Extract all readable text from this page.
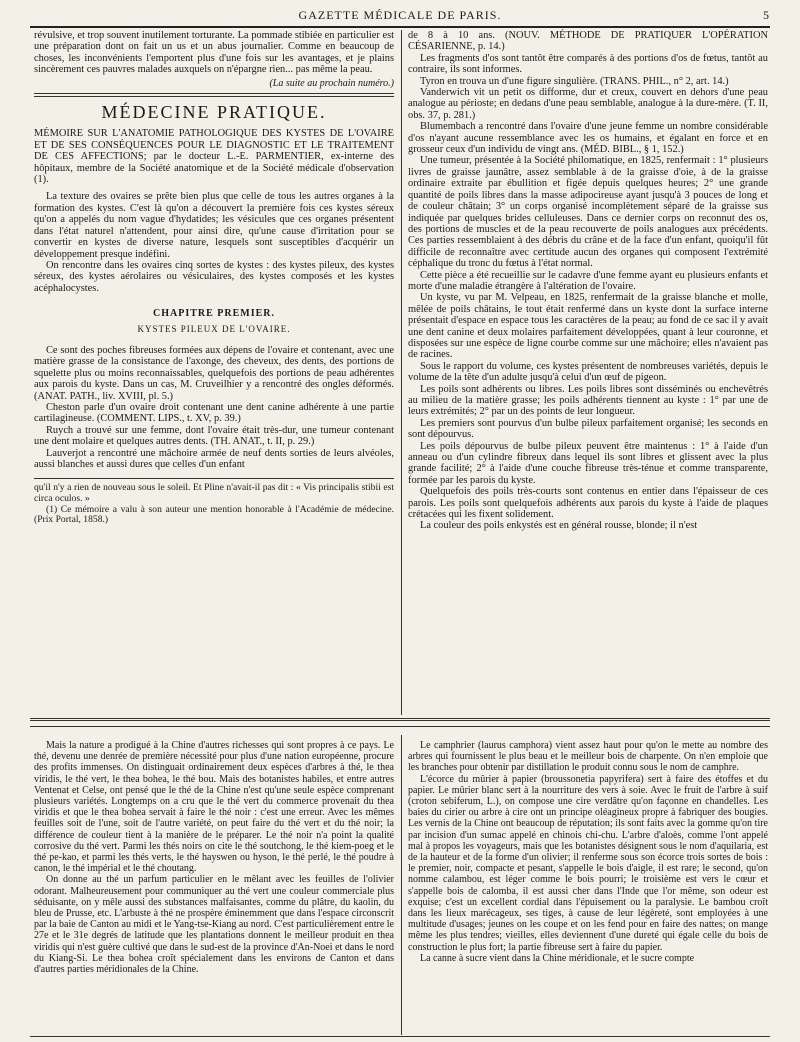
GAZETTE MÉDICALE DE PARIS.	5

révulsive, et trop souvent inutilement torturante. La pommade stibiée en particulier est une préparation dont on fait un us et un abus journalier. Comme en beaucoup de choses, les inconvénients l'emportent plus d'une fois sur les avantages, et je plains sincèrement ces pauvres malades auxquels on n'épargne rien... pas même la peau.

(La suite au prochain numéro.)

MÉDECINE PRATIQUE.

MÉMOIRE SUR L'ANATOMIE PATHOLOGIQUE DES KYSTES DE L'OVAIRE ET DE SES CONSÉQUENCES POUR LE DIAGNOSTIC ET LE TRAITEMENT DE CES AFFECTIONS; par le docteur L.-E. PARMENTIER, ex-interne des hôpitaux, membre de la Société anatomique et de la Société médicale d'observation (1).

La texture des ovaires se prête bien plus que celle de tous les autres organes à la formation des kystes. C'est là qu'on a découvert la première fois ces kystes séreux qu'on a appelés du nom vague d'hydatides; les vésicules que ces organes présentent dans l'état naturel n'attendent, pour ainsi dire, qu'une cause d'irritation pour se convertir en kystes de diverse nature, lesquels sont susceptibles d'acquérir un développement presque indéfini.

On rencontre dans les ovaires cinq sortes de kystes : des kystes pileux, des kystes séreux, des kystes aérolaires ou vésiculaires, des kystes composés et les kystes acéphalocystes.

CHAPITRE PREMIER.
KYSTES PILEUX DE L'OVAIRE.

Ce sont des poches fibreuses formées aux dépens de l'ovaire et contenant, avec une matière grasse de la consistance de l'axonge, des cheveux, des dents, des portions de squelette plus ou moins reconnaissables, quelquefois des portions de peau adhérentes aux parois du kyste. Dans un cas, M. Cruveilhier y a rencontré des ongles déformés. (ANAT. PATH., liv. XVIII, pl. 5.)

Cheston parle d'un ovaire droit contenant une dent canine adhérente à une partie cartilagineuse. (COMMENT. LIPS., t. XV, p. 39.)

Ruych a trouvé sur une femme, dont l'ovaire était très-dur, une tumeur contenant une dent molaire et quelques autres dents. (TH. ANAT., t. II, p. 29.)

Lauverjot a rencontré une mâchoire armée de neuf dents sorties de leurs alvéoles, aussi blanches et aussi dures que celles d'un enfant

qu'il n'y a rien de nouveau sous le soleil. Et Pline n'avait-il pas dit : « Vis principalis stibii est circa oculos. »

(1) Ce mémoire a valu à son auteur une mention honorable à l'Académie de médecine. (Prix Portal, 1858.)

de 8 à 10 ans. (NOUV. MÉTHODE DE PRATIQUER L'OPÉRATION CÉSARIENNE, p. 14.)

Les fragments d'os sont tantôt être comparés à des portions d'os de fœtus, tantôt au contraire, ils sont informes.

Tyron en trouva un d'une figure singulière. (TRANS. PHIL., n° 2, art. 14.)

Vanderwich vit un petit os difforme, dur et creux, couvert en dehors d'une peau analogue au périoste; en dedans d'une peau semblable, analogue à la dure-mère. (T. II, obs. 37, p. 281.)

Blumembach a rencontré dans l'ovaire d'une jeune femme un nombre considérable d'os n'ayant aucune ressemblance avec les os humains, et égalant en force et en grosseur ceux d'un individu de vingt ans. (MÉD. BIBL., § 1, 152.)

Une tumeur, présentée à la Société philomatique, en 1825, renfermait : 1° plusieurs livres de graisse jaunâtre, assez semblable à de la graisse d'oie, à de la graisse ordinaire extraite par ébullition et figée depuis quelques heures; 2° une grande quantité de poils libres dans la masse adipocireuse ayant jusqu'à 3 pouces de long et de couleur châtain; 3° un corps organisé incomplètement séparé de la graisse sus indiquée par quelques brides celluleuses. Dans ce dernier corps on reconnut des os, des portions de muscles et de la peau recouverte de poils analogues aux précédents. Ces parties ressemblaient à des débris du crâne et de la face d'un enfant, quoiqu'il fût difficile de reconnaître avec certitude aucun des organes qui composent l'extrémité céphalique du tronc du fœtus à l'état normal.

Cette pièce a été recueillie sur le cadavre d'une femme ayant eu plusieurs enfants et morte d'une maladie étrangère à l'altération de l'ovaire.

Un kyste, vu par M. Velpeau, en 1825, renfermait de la graisse blanche et molle, mêlée de poils châtains, le tout était renfermé dans un kyste dont la surface interne présentait d'espace en espace tous les caractères de la peau; au fond de ce sac il y avait une dent canine et deux molaires parfaitement développées, quant à leur couronne, et disposées sur une espèce de ligne courbe comme sur une mâchoire; elles n'avaient pas de racines.

Sous le rapport du volume, ces kystes présentent de nombreuses variétés, depuis le volume de la tête d'un adulte jusqu'à celui d'un œuf de pigeon.

Les poils sont adhérents ou libres. Les poils libres sont disséminés ou enchevêtrés au milieu de la matière grasse; les poils adhérents tiennent au kyste : 1° par une de leurs extrémités; 2° par un des points de leur longueur.

Les premiers sont pourvus d'un bulbe pileux parfaitement organisé; les seconds en sont dépourvus.

Les poils dépourvus de bulbe pileux peuvent être maintenus : 1° à l'aide d'un anneau ou d'un cylindre fibreux dans lequel ils sont libres et glissent avec la plus grande facilité; 2° à l'aide d'une couche fibreuse très-ténue et comme transparente, formée par les parois du kyste.

Quelquefois des poils très-courts sont contenus en entier dans l'épaisseur de ces parois. Les poils sont quelquefois adhérents aux parois du kyste à l'aide de plaques crétacées qui les fixent solidement.

La couleur des poils enkystés est en général rousse, blonde; il n'est

Mais la nature a prodigué à la Chine d'autres richesses qui sont propres à ce pays. Le thé, devenu une denrée de première nécessité pour plus d'une nation européenne, procure des profits immenses. On distinguait ordinairement deux espèces d'arbres à thé, le thea viridis, le thé vert, le thea bohea, le thé bou. Mais des botanistes habiles, et entre autres Ventenat et Celse, ont pensé que le thé de la Chine n'est qu'une seule espèce comprenant plusieurs variétés. Longtemps on a cru que le thé vert du commerce provenait du thea viridis et que le thea bohea servait à faire le thé noir : c'est une erreur. Avec les mêmes feuilles soit de l'une, soit de l'autre variété, on peut faire du thé vert et du thé noir; la différence de couleur tient à la manière de le préparer. Le thé noir n'a point la qualité corrosive du thé vert. Parmi les thés noirs on cite le thé soutchong, le thé kiem-poeg et le thé pe-kao, et parmi les thés verts, le thé hayswen ou hyson, le thé perlé, le thé poudre à canon, le thé impérial et le thé choutang.

On donne au thé un parfum particulier en le mêlant avec les feuilles de l'olivier odorant. Malheureusement pour communiquer au thé vert une couleur commerciale plus séduisante, on y mêle aussi des substances malfaisantes, comme du plâtre, du kaolin, du bleu de Prusse, etc. L'arbuste à thé ne prospère éminemment que dans l'espace circonscrit par la baie de Canton au midi et le Yang-tse-Kiang au nord. C'est particulièrement entre le 27e et le 31e degrés de latitude que les plantations donnent le meilleur produit en thea viridis qui n'est guère cultivé que dans le sud-est de la province d'An-Noei et dans le nord du Kiang-Si. Le thea bohea croît spécialement dans les environs de Canton et dans d'autres parties méridionales de la Chine.

Le camphrier (laurus camphora) vient assez haut pour qu'on le mette au nombre des arbres qui fournissent le plus beau et le meilleur bois de charpente. On n'en emploie que les branches pour obtenir par distillation le produit connu sous le nom de camphre.

L'écorce du mûrier à papier (broussonetia papyrifera) sert à faire des étoffes et du papier. Le mûrier blanc sert à la nourriture des vers à soie. Avec le fruit de l'arbre à suif (croton sebiferum, L.), on compose une cire verdâtre qu'on façonne en chandelles. Les baies du cirier ou arbre à cire ont un principe oléagineux propre à fabriquer des bougies. Les vernis de la Chine ont beaucoup de réputation; ils sont faits avec la gomme qu'on tire par incision d'un sumac appelé en chinois chi-chu. L'arbre d'aloès, comme l'ont appelé mal à propos les voyageurs, mais que les botanistes désignent sous le nom d'aquilaria, est de la hauteur et de la forme d'un olivier; il renferme sous son écorce trois sortes de bois : le premier, noir, compacte et pesant, s'appelle le bois d'aigle, il est rare; le second, qu'on nomme calambou, est léger comme le bois pourri; le troisième est vers le cœur et s'appelle bois de calomba, il est aussi cher dans l'Inde que l'or même, son odeur est exquise; c'est un excellent cordial dans l'épuisement ou la paralysie. Le bambou croît dans les lieux marécageux, ses tiges, à cause de leur légèreté, sont employées à une multitude d'usages; jeunes on les coupe et on les fend pour en faire des nattes; on mange même les plus tendres; vieilles, elles deviennent d'une dureté qui égale celle du bois de construction le plus fort; la partie fibreuse sert à faire du papier.

La canne à sucre vient dans la Chine méridionale, et le sucre compte
